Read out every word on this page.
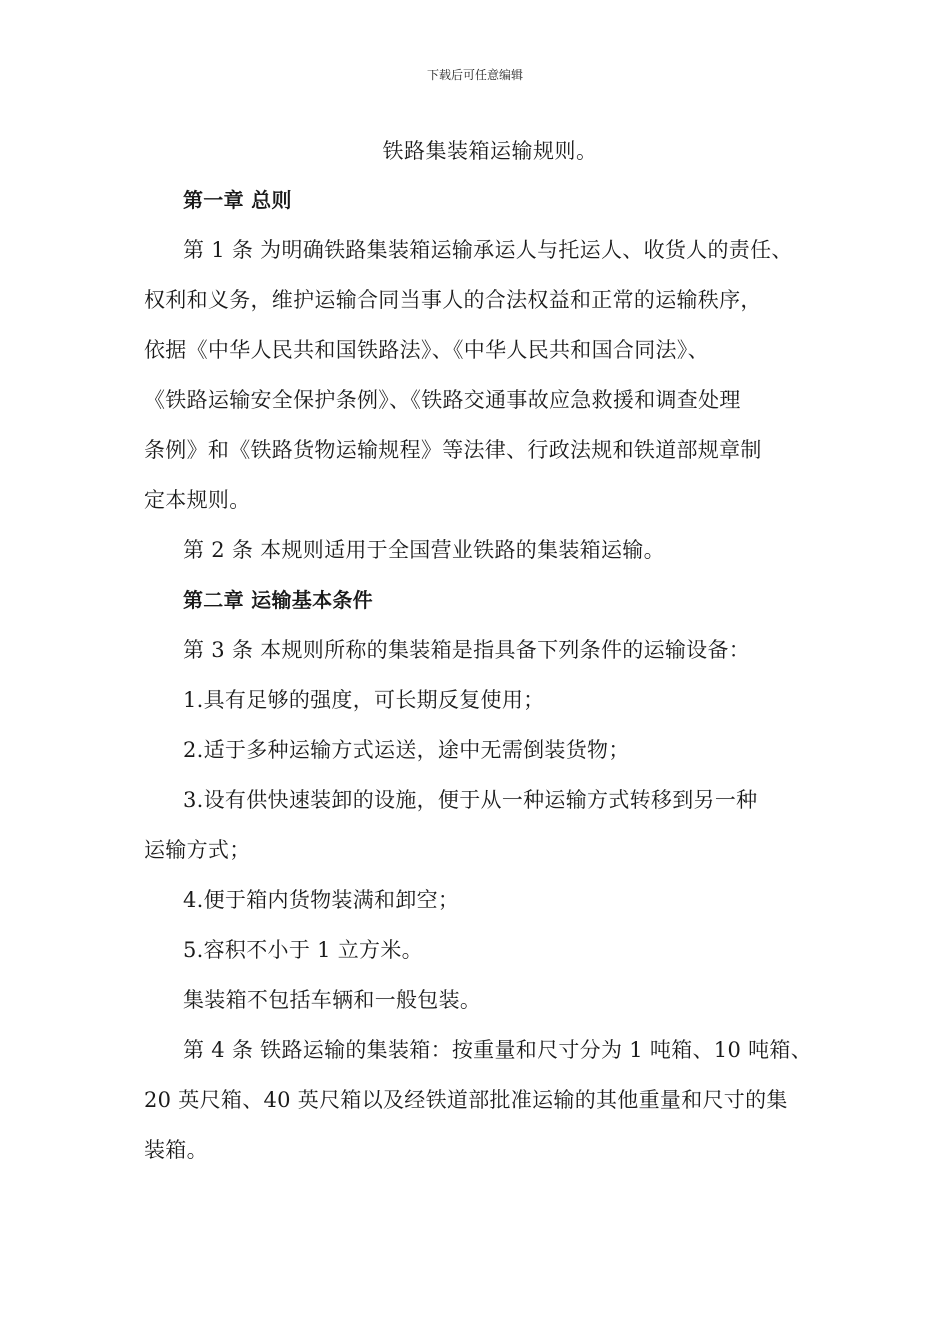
下载后可任意编辑
铁路集装箱运输规则。
第一章 总则
第 1 条 为明确铁路集装箱运输承运人与托运人、收货人的责任、
权利和义务，维护运输合同当事人的合法权益和正常的运输秩序，
依据《中华人民共和国铁路法》、《中华人民共和国合同法》、
《铁路运输安全保护条例》、《铁路交通事故应急救援和调查处理
条例》和《铁路货物运输规程》等法律、行政法规和铁道部规章制
定本规则。
第 2 条 本规则适用于全国营业铁路的集装箱运输。
第二章 运输基本条件
第 3 条 本规则所称的集装箱是指具备下列条件的运输设备：
1.具有足够的强度，可长期反复使用；
2.适于多种运输方式运送，途中无需倒装货物；
3.设有供快速装卸的设施，便于从一种运输方式转移到另一种
运输方式；
4.便于箱内货物装满和卸空；
5.容积不小于 1 立方米。
集装箱不包括车辆和一般包装。
第 4 条 铁路运输的集装箱：按重量和尺寸分为 1 吨箱、10 吨箱、
20 英尺箱、40 英尺箱以及经铁道部批准运输的其他重量和尺寸的集
装箱。
